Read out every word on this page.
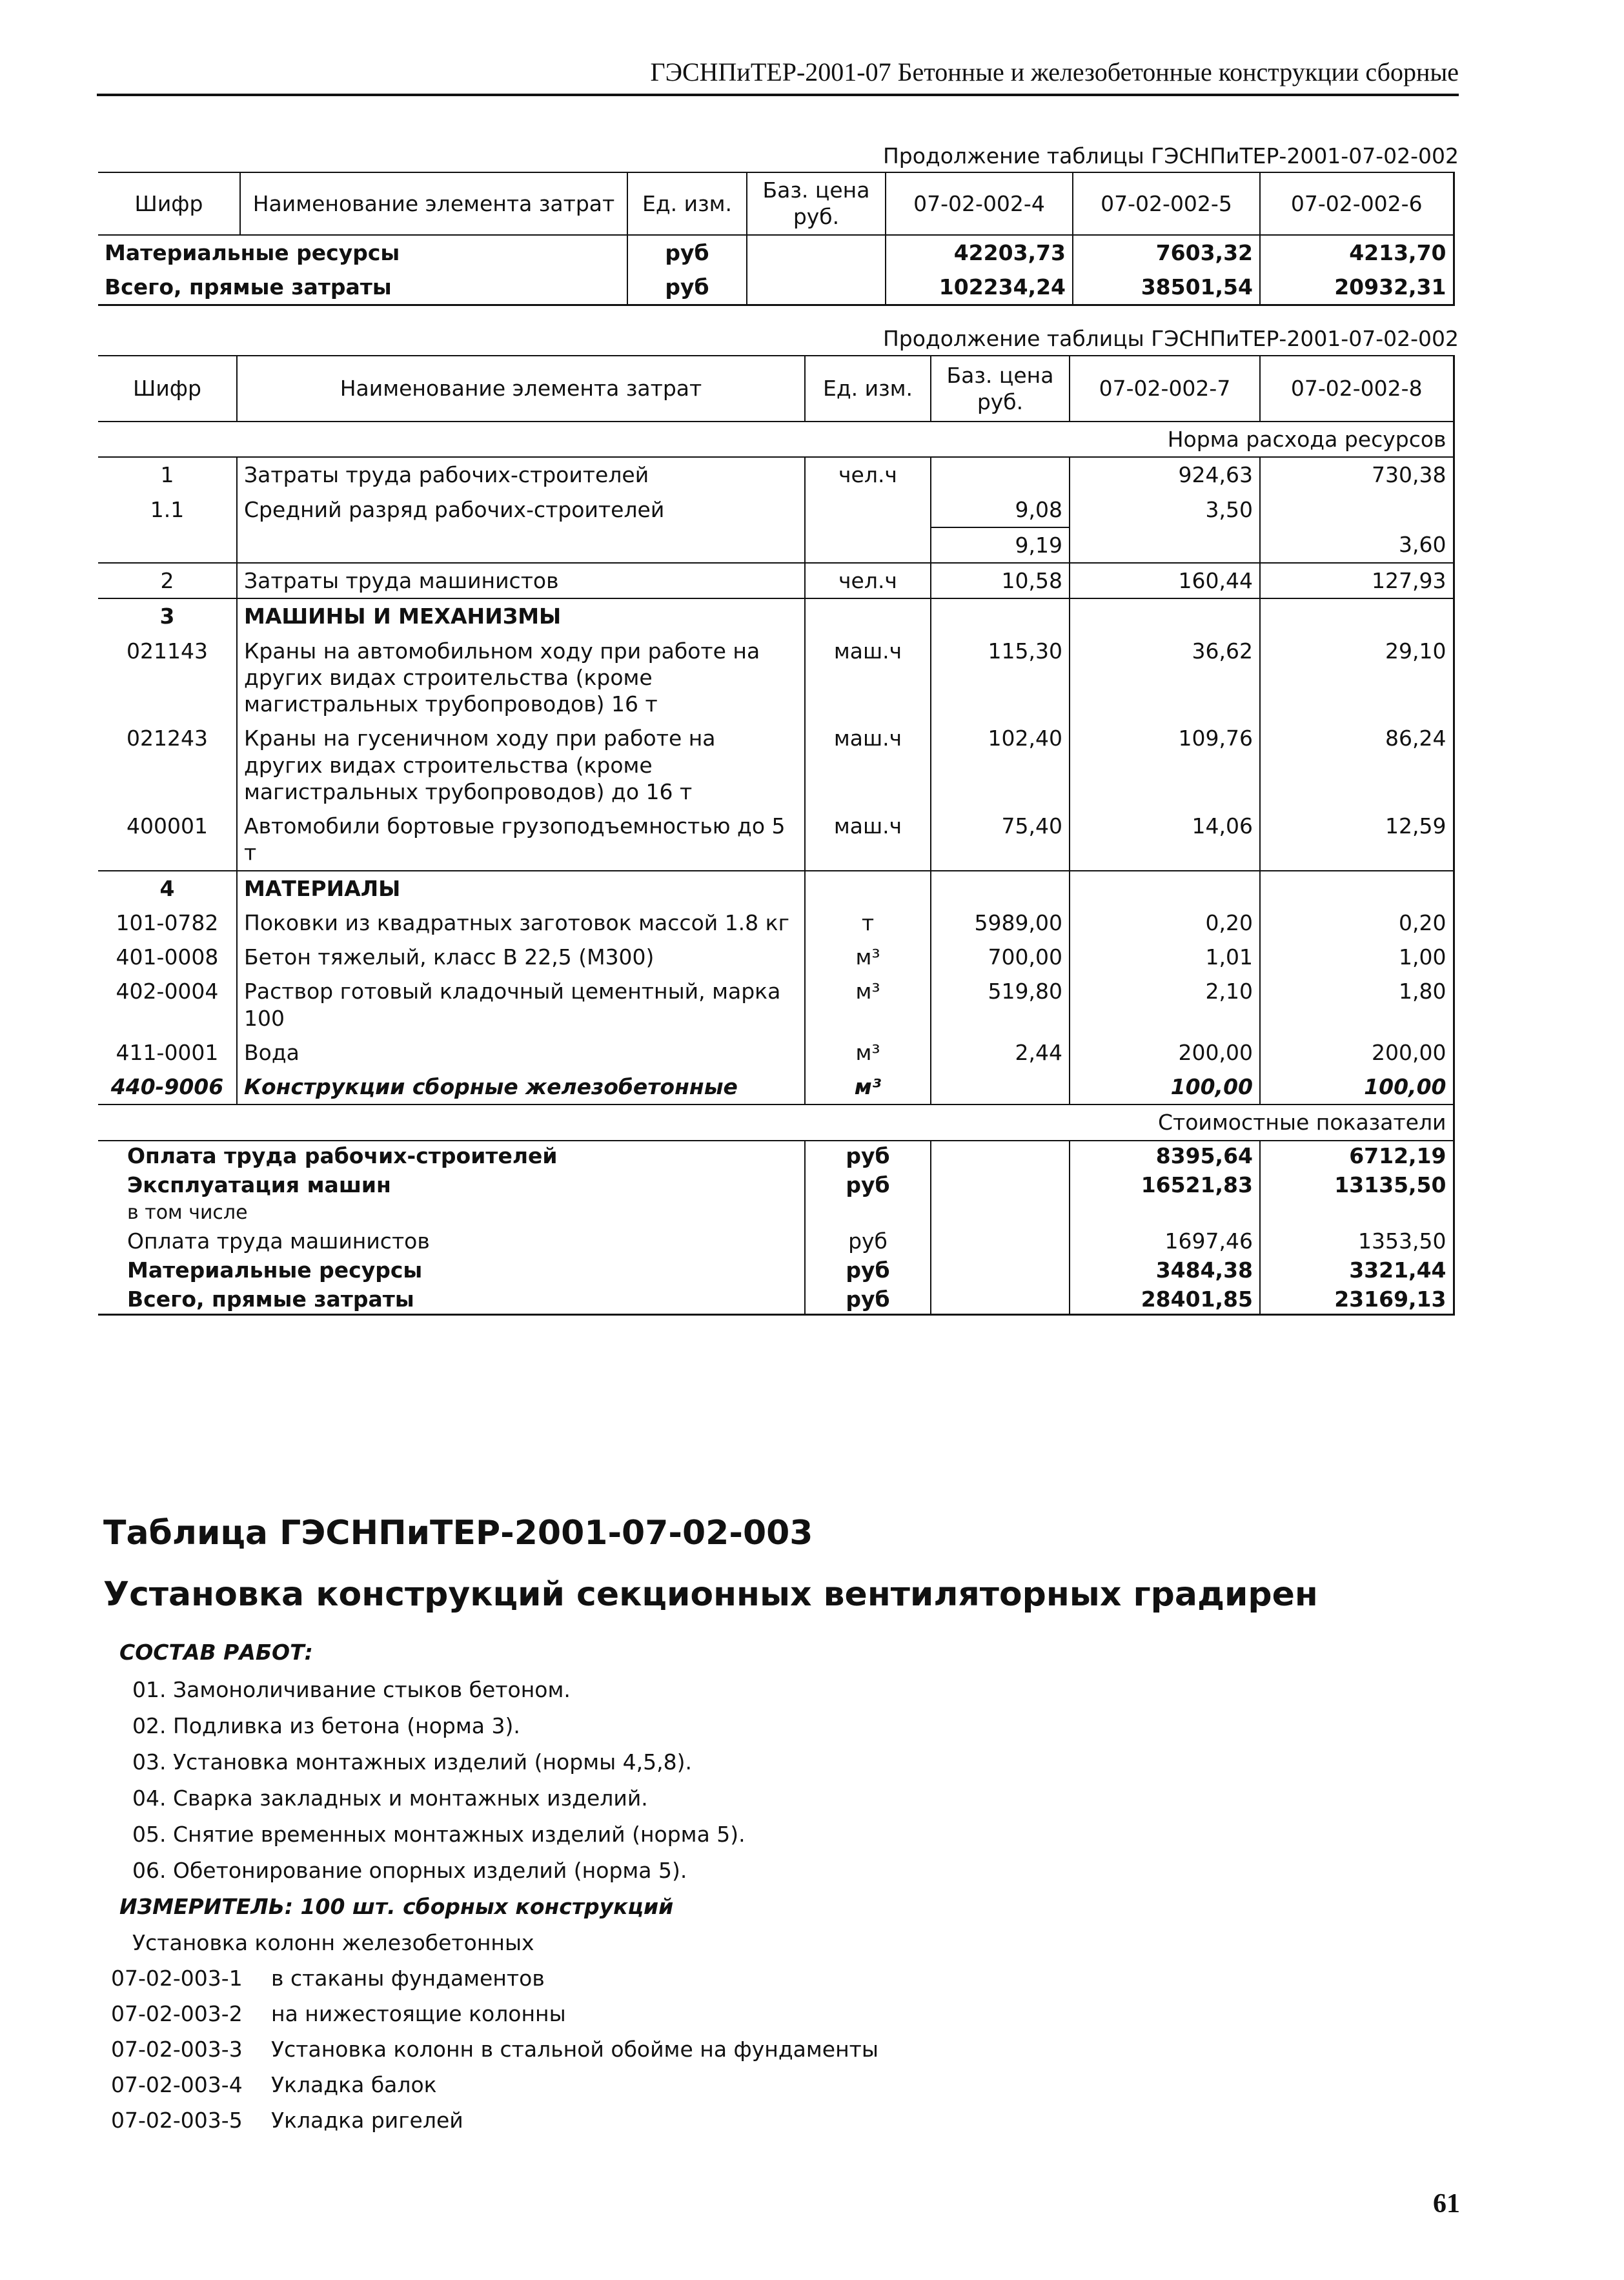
ГЭСНПиТЕР-2001-07 Бетонные и железобетонные конструкции сборные
Продолжение таблицы ГЭСНПиТЕР-2001-07-02-002
Шифр	Наименование элемента затрат	Ед. изм.	Баз. цена руб.	07-02-002-4	07-02-002-5	07-02-002-6
Материальные ресурсы		руб		42203,73	7603,32	4213,70
Всего, прямые затраты		руб		102234,24	38501,54	20932,31
Продолжение таблицы ГЭСНПиТЕР-2001-07-02-002
Шифр	Наименование элемента затрат	Ед. изм.	Баз. цена руб.	07-02-002-7	07-02-002-8
Норма расхода ресурсов					
1	Затраты труда рабочих-строителей	чел.ч		924,63	730,38
1.1	Средний разряд рабочих-строителей		9,08	3,50	
			9,19		3,60
2	Затраты труда машинистов	чел.ч	10,58	160,44	127,93
3	МАШИНЫ И МЕХАНИЗМЫ				
021143	Краны на автомобильном ходу при работе на других видах строительства (кроме магистральных трубопроводов) 16 т	маш.ч	115,30	36,62	29,10
021243	Краны на гусеничном ходу при работе на других видах строительства (кроме магистральных трубопроводов) до 16 т	маш.ч	102,40	109,76	86,24
400001	Автомобили бортовые грузоподъемностью до 5 т	маш.ч	75,40	14,06	12,59
4	МАТЕРИАЛЫ				
101-0782	Поковки из квадратных заготовок массой 1.8 кг	т	5989,00	0,20	0,20
401-0008	Бетон тяжелый, класс В 22,5 (М300)	м³	700,00	1,01	1,00
402-0004	Раствор готовый кладочный цементный, марка 100	м³	519,80	2,10	1,80
411-0001	Вода	м³	2,44	200,00	200,00
440-9006	Конструкции сборные железобетонные	м³		100,00	100,00
Стоимостные показатели					
Оплата труда рабочих-строителей		руб		8395,64	6712,19
Эксплуатация машин		руб		16521,83	13135,50
в том числе					
Оплата труда машинистов		руб		1697,46	1353,50
Материальные ресурсы		руб		3484,38	3321,44
Всего, прямые затраты		руб		28401,85	23169,13
Таблица ГЭСНПиТЕР-2001-07-02-003
Установка конструкций секционных вентиляторных градирен
СОСТАВ РАБОТ:
01. Замоноличивание стыков бетоном.
02. Подливка из бетона (норма 3).
03. Установка монтажных изделий (нормы 4,5,8).
04. Сварка закладных и монтажных изделий.
05. Снятие временных монтажных изделий (норма 5).
06. Обетонирование опорных изделий (норма 5).
ИЗМЕРИТЕЛЬ: 100 шт. сборных конструкций
Установка колонн железобетонных
07-02-003-1 в стаканы фундаментов
07-02-003-2 на нижестоящие колонны
07-02-003-3 Установка колонн в стальной обойме на фундаменты
07-02-003-4 Укладка балок
07-02-003-5 Укладка ригелей
61
